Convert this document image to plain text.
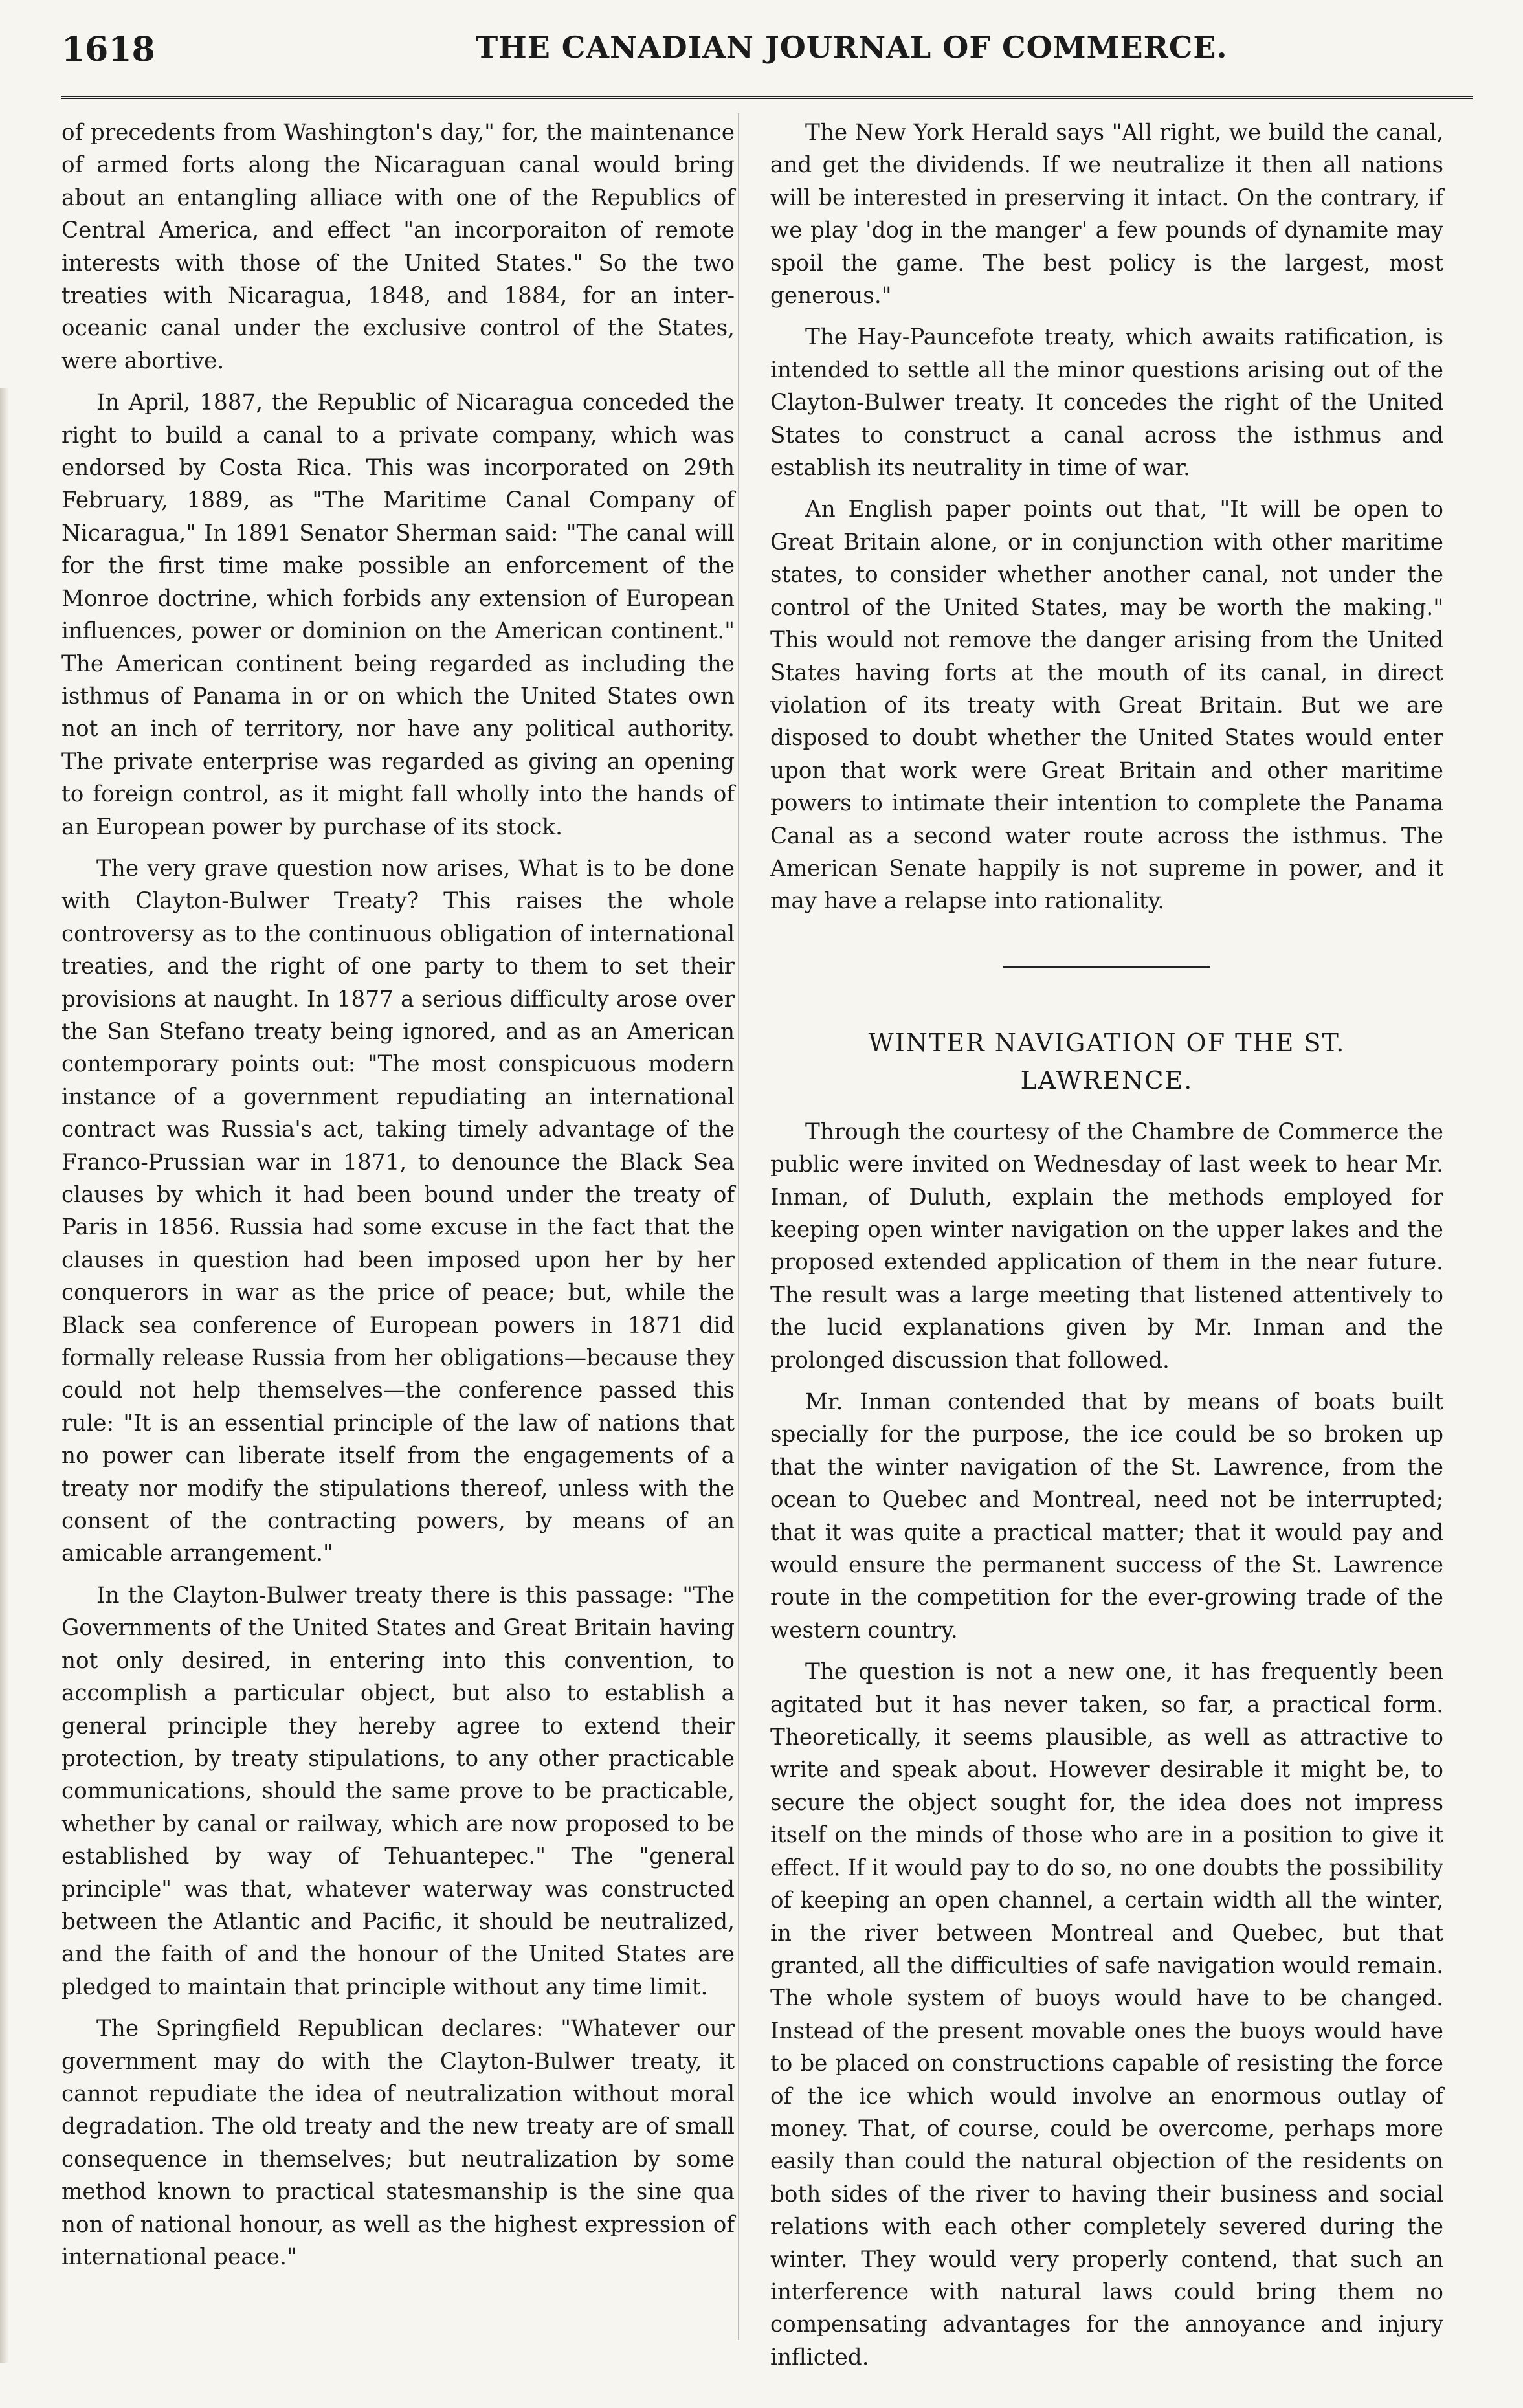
1618	THE CANADIAN JOURNAL OF COMMERCE.

of precedents from Washington's day," for, the maintenance of armed forts along the Nicaraguan canal would bring about an entangling alliace with one of the Republics of Central America, and effect "an incorporaiton of remote interests with those of the United States." So the two treaties with Nicaragua, 1848, and 1884, for an inter-oceanic canal under the exclusive control of the States, were abortive.

In April, 1887, the Republic of Nicaragua conceded the right to build a canal to a private company, which was endorsed by Costa Rica. This was incorporated on 29th February, 1889, as "The Maritime Canal Company of Nicaragua," In 1891 Senator Sherman said: "The canal will for the first time make possible an enforcement of the Monroe doctrine, which forbids any extension of European influences, power or dominion on the American continent." The American continent being regarded as including the isthmus of Panama in or on which the United States own not an inch of territory, nor have any political authority. The private enterprise was regarded as giving an opening to foreign control, as it might fall wholly into the hands of an European power by purchase of its stock.

The very grave question now arises, What is to be done with Clayton-Bulwer Treaty? This raises the whole controversy as to the continuous obligation of international treaties, and the right of one party to them to set their provisions at naught. In 1877 a serious difficulty arose over the San Stefano treaty being ignored, and as an American contemporary points out: "The most conspicuous modern instance of a government repudiating an international contract was Russia's act, taking timely advantage of the Franco-Prussian war in 1871, to denounce the Black Sea clauses by which it had been bound under the treaty of Paris in 1856. Russia had some excuse in the fact that the clauses in question had been imposed upon her by her conquerors in war as the price of peace; but, while the Black sea conference of European powers in 1871 did formally release Russia from her obligations—because they could not help themselves—the conference passed this rule: "It is an essential principle of the law of nations that no power can liberate itself from the engagements of a treaty nor modify the stipulations thereof, unless with the consent of the contracting powers, by means of an amicable arrangement."

In the Clayton-Bulwer treaty there is this passage: "The Governments of the United States and Great Britain having not only desired, in entering into this convention, to accomplish a particular object, but also to establish a general principle they hereby agree to extend their protection, by treaty stipulations, to any other practicable communications, should the same prove to be practicable, whether by canal or railway, which are now proposed to be established by way of Tehuantepec." The "general principle" was that, whatever waterway was constructed between the Atlantic and Pacific, it should be neutralized, and the faith of and the honour of the United States are pledged to maintain that principle without any time limit.

The Springfield Republican declares: "Whatever our government may do with the Clayton-Bulwer treaty, it cannot repudiate the idea of neutralization without moral degradation. The old treaty and the new treaty are of small consequence in themselves; but neutralization by some method known to practical statesmanship is the sine qua non of national honour, as well as the highest expression of international peace."

The New York Herald says "All right, we build the canal, and get the dividends. If we neutralize it then all nations will be interested in preserving it intact. On the contrary, if we play 'dog in the manger' a few pounds of dynamite may spoil the game. The best policy is the largest, most generous."

The Hay-Pauncefote treaty, which awaits ratification, is intended to settle all the minor questions arising out of the Clayton-Bulwer treaty. It concedes the right of the United States to construct a canal across the isthmus and establish its neutrality in time of war.

An English paper points out that, "It will be open to Great Britain alone, or in conjunction with other maritime states, to consider whether another canal, not under the control of the United States, may be worth the making." This would not remove the danger arising from the United States having forts at the mouth of its canal, in direct violation of its treaty with Great Britain. But we are disposed to doubt whether the United States would enter upon that work were Great Britain and other maritime powers to intimate their intention to complete the Panama Canal as a second water route across the isthmus. The American Senate happily is not supreme in power, and it may have a relapse into rationality.

WINTER NAVIGATION OF THE ST. LAWRENCE.

Through the courtesy of the Chambre de Commerce the public were invited on Wednesday of last week to hear Mr. Inman, of Duluth, explain the methods employed for keeping open winter navigation on the upper lakes and the proposed extended application of them in the near future. The result was a large meeting that listened attentively to the lucid explanations given by Mr. Inman and the prolonged discussion that followed.

Mr. Inman contended that by means of boats built specially for the purpose, the ice could be so broken up that the winter navigation of the St. Lawrence, from the ocean to Quebec and Montreal, need not be interrupted; that it was quite a practical matter; that it would pay and would ensure the permanent success of the St. Lawrence route in the competition for the ever-growing trade of the western country.

The question is not a new one, it has frequently been agitated but it has never taken, so far, a practical form. Theoretically, it seems plausible, as well as attractive to write and speak about. However desirable it might be, to secure the object sought for, the idea does not impress itself on the minds of those who are in a position to give it effect. If it would pay to do so, no one doubts the possibility of keeping an open channel, a certain width all the winter, in the river between Montreal and Quebec, but that granted, all the difficulties of safe navigation would remain. The whole system of buoys would have to be changed. Instead of the present movable ones the buoys would have to be placed on constructions capable of resisting the force of the ice which would involve an enormous outlay of money. That, of course, could be overcome, perhaps more easily than could the natural objection of the residents on both sides of the river to having their business and social relations with each other completely severed during the winter. They would very properly contend, that such an interference with natural laws could bring them no compensating advantages for the annoyance and injury inflicted.
